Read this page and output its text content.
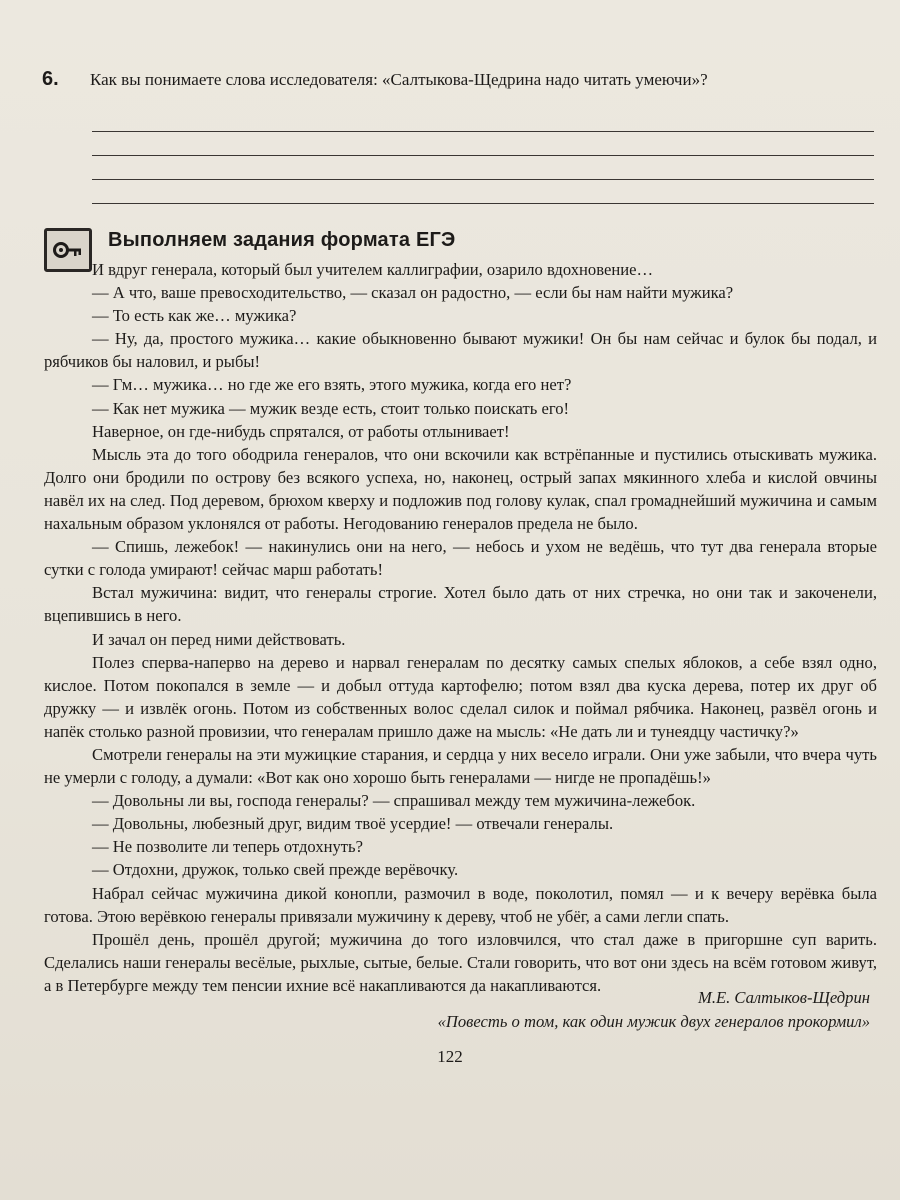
6.	Как вы понимаете слова исследователя: «Салтыкова-Щедрина надо читать умеючи»?
Выполняем задания формата ЕГЭ

И вдруг генерала, который был учителем каллиграфии, озарило вдохновение…

— А что, ваше превосходительство, — сказал он радостно, — если бы нам найти мужика?

— То есть как же… мужика?

— Ну, да, простого мужика… какие обыкновенно бывают мужики! Он бы нам сейчас и булок бы подал, и рябчиков бы наловил, и рыбы!

— Гм… мужика… но где же его взять, этого мужика, когда его нет?

— Как нет мужика — мужик везде есть, стоит только поискать его!

Наверное, он где-нибудь спрятался, от работы отлынивает!

Мысль эта до того ободрила генералов, что они вскочили как встрёпанные и пустились отыскивать мужика. Долго они бродили по острову без всякого успеха, но, наконец, острый запах мякинного хлеба и кислой овчины навёл их на след. Под деревом, брюхом кверху и подложив под голову кулак, спал громаднейший мужичина и самым нахальным образом уклонялся от работы. Негодованию генералов предела не было.

— Спишь, лежебок! — накинулись они на него, — небось и ухом не ведёшь, что тут два генерала вторые сутки с голода умирают! сейчас марш работать!

Встал мужичина: видит, что генералы строгие. Хотел было дать от них стречка, но они так и закоченели, вцепившись в него.

И зачал он перед ними действовать.

Полез сперва-наперво на дерево и нарвал генералам по десятку самых спелых яблоков, а себе взял одно, кислое. Потом покопался в земле — и добыл оттуда картофелю; потом взял два куска дерева, потер их друг об дружку — и извлёк огонь. Потом из собственных волос сделал силок и поймал рябчика. Наконец, развёл огонь и напёк столько разной провизии, что генералам пришло даже на мысль: «Не дать ли и тунеядцу частичку?»

Смотрели генералы на эти мужицкие старания, и сердца у них весело играли. Они уже забыли, что вчера чуть не умерли с голоду, а думали: «Вот как оно хорошо быть генералами — нигде не пропадёшь!»

— Довольны ли вы, господа генералы? — спрашивал между тем мужичина-лежебок.

— Довольны, любезный друг, видим твоё усердие! — отвечали генералы.

— Не позволите ли теперь отдохнуть?

— Отдохни, дружок, только свей прежде верёвочку.

Набрал сейчас мужичина дикой конопли, размочил в воде, поколотил, помял — и к вечеру верёвка была готова. Этою верёвкою генералы привязали мужичину к дереву, чтоб не убёг, а сами легли спать.

Прошёл день, прошёл другой; мужичина до того изловчился, что стал даже в пригоршне суп варить. Сделались наши генералы весёлые, рыхлые, сытые, белые. Стали говорить, что вот они здесь на всём готовом живут, а в Петербурге между тем пенсии ихние всё накапливаются да накапливаются.

М.Е. Салтыков-Щедрин
«Повесть о том, как один мужик двух генералов прокормил»
122
